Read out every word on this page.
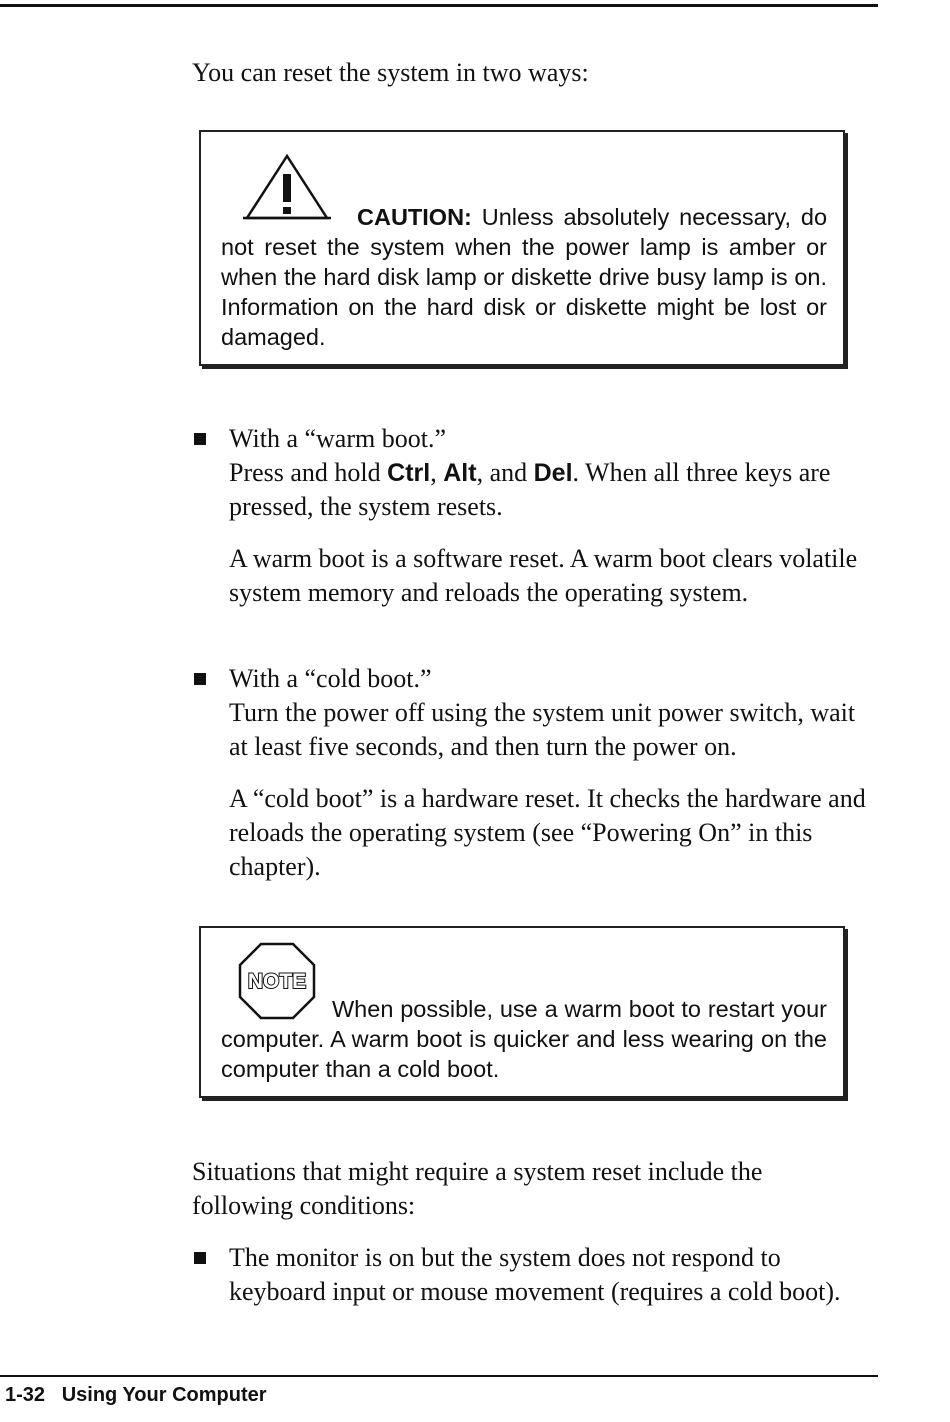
You can reset the system in two ways:

CAUTION: Unless absolutely necessary, do not reset the system when the power lamp is amber or when the hard disk lamp or diskette drive busy lamp is on. Information on the hard disk or diskette might be lost or damaged.

With a “warm boot.”
Press and hold Ctrl, Alt, and Del. When all three keys are pressed, the system resets.

A warm boot is a software reset. A warm boot clears volatile system memory and reloads the operating system.

With a “cold boot.”
Turn the power off using the system unit power switch, wait at least five seconds, and then turn the power on.

A “cold boot” is a hardware reset. It checks the hardware and reloads the operating system (see “Powering On” in this chapter).

NOTE

When possible, use a warm boot to restart your computer. A warm boot is quicker and less wearing on the computer than a cold boot.

Situations that might require a system reset include the following conditions:

The monitor is on but the system does not respond to keyboard input or mouse movement (requires a cold boot).

1-32 Using Your Computer
